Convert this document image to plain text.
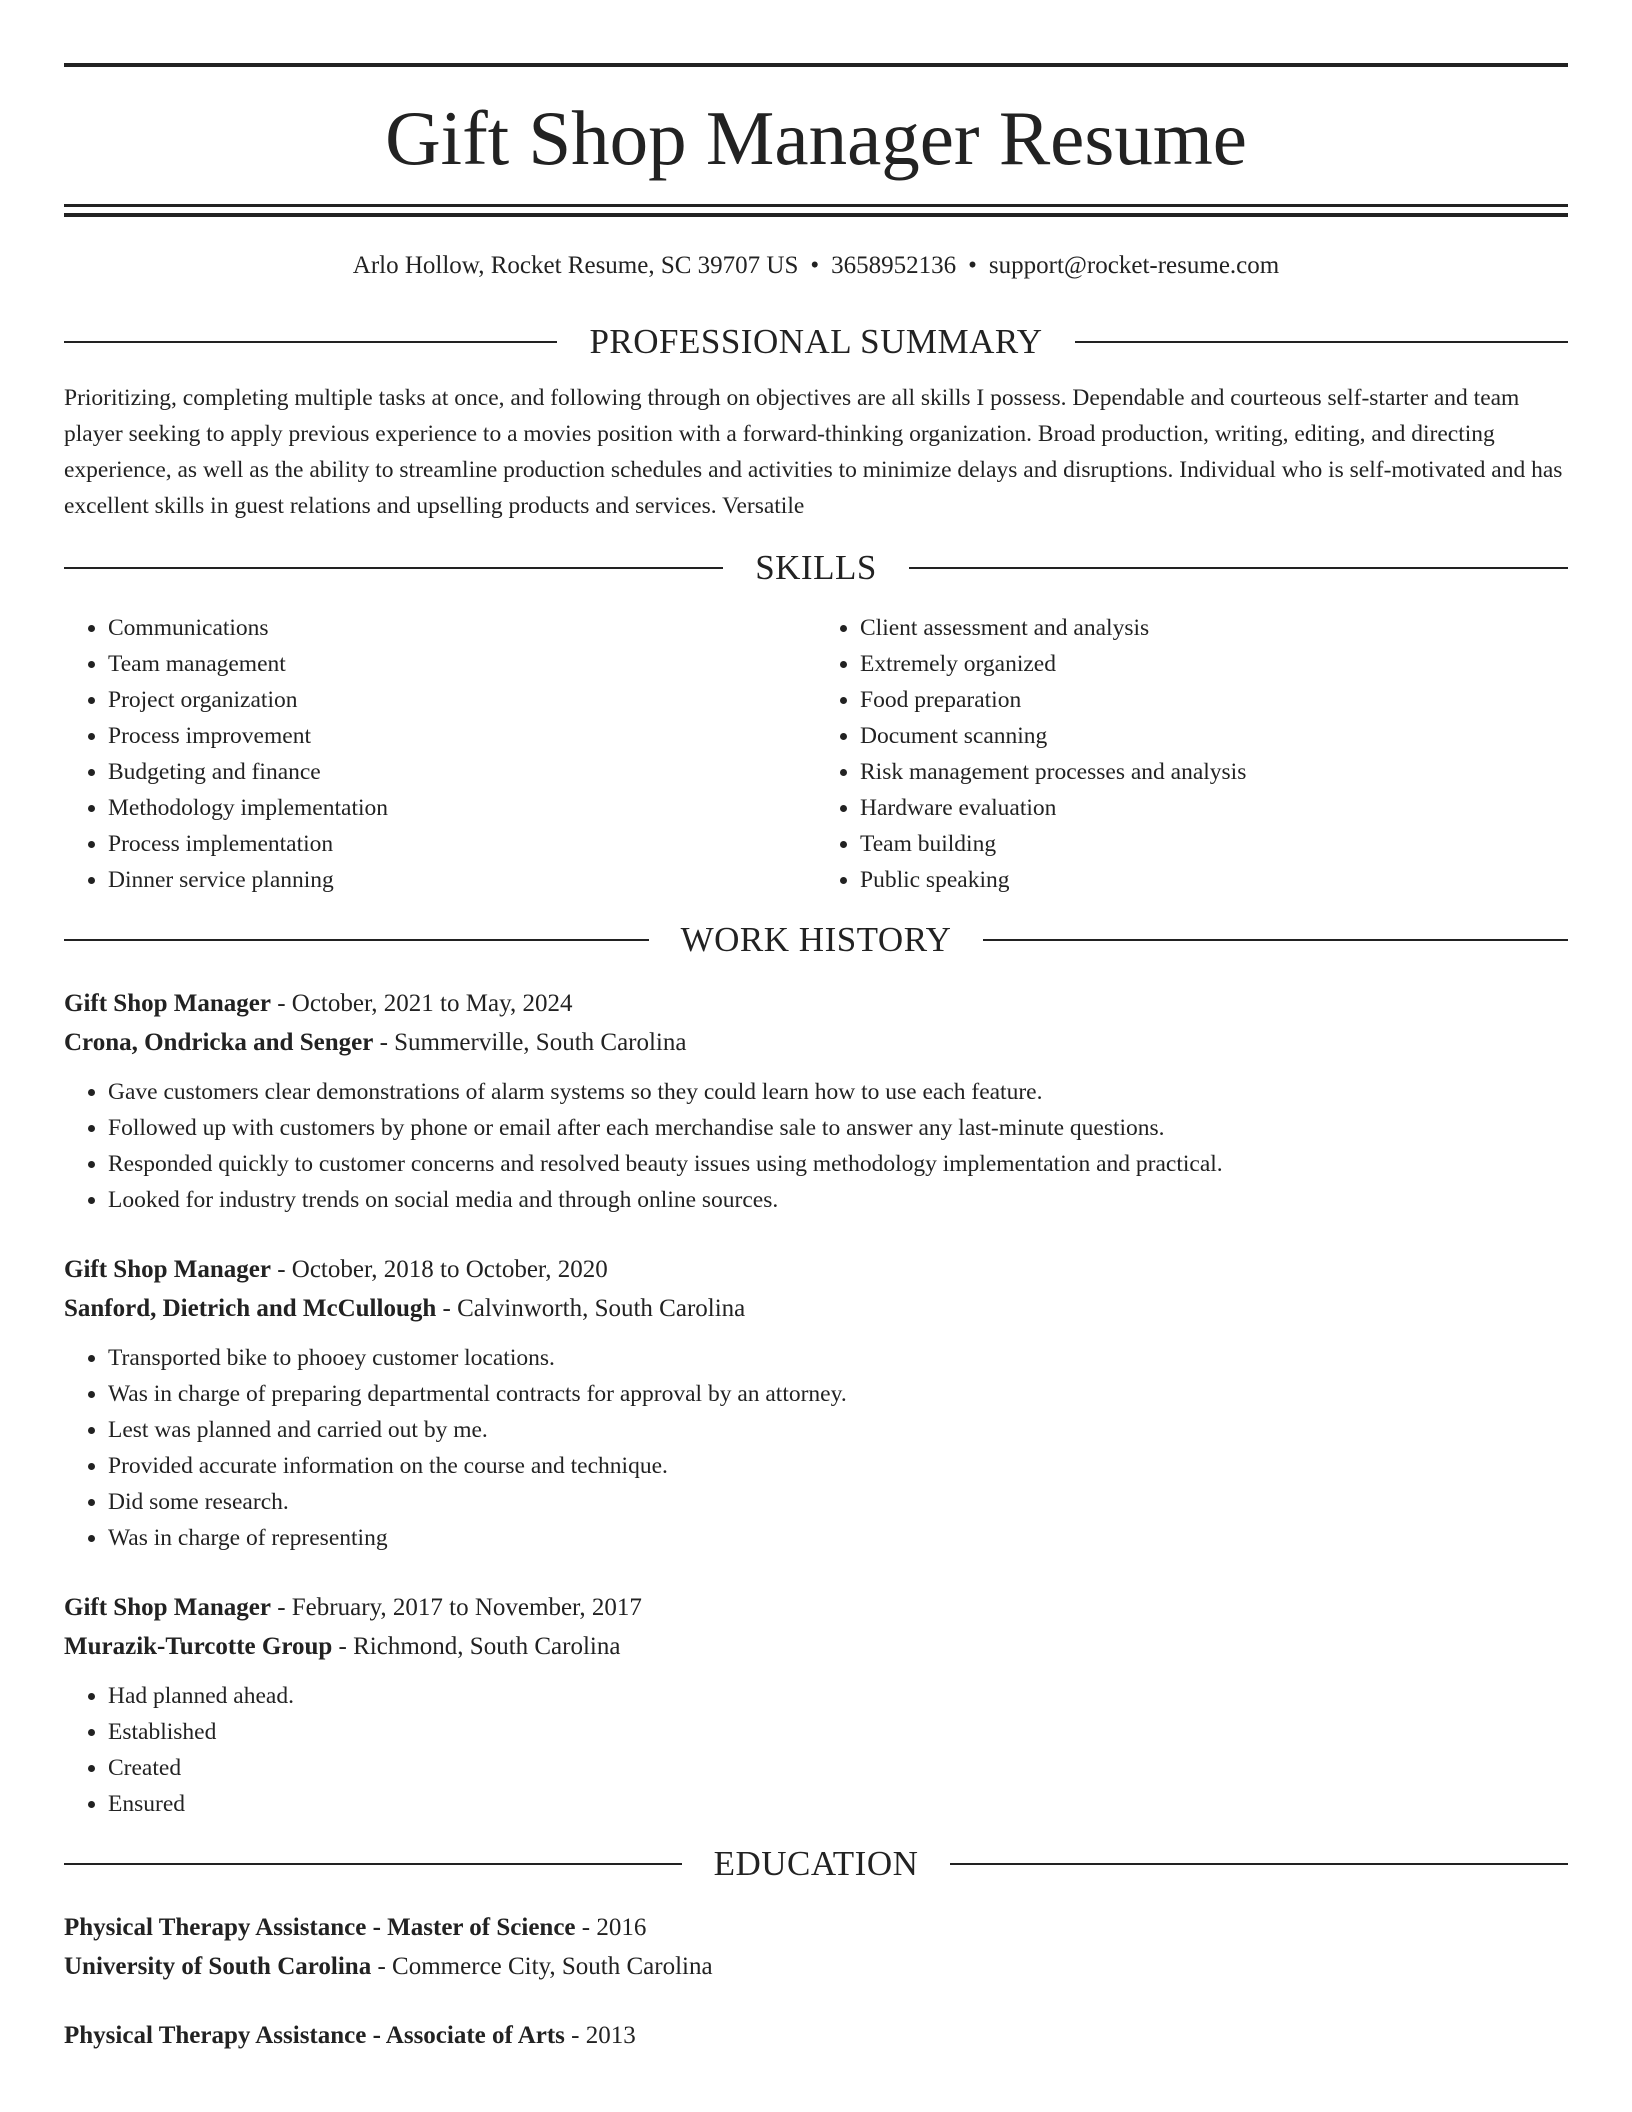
Gift Shop Manager Resume
Arlo Hollow, Rocket Resume, SC 39707 US • 3658952136 • support@rocket-resume.com
PROFESSIONAL SUMMARY

Prioritizing, completing multiple tasks at once, and following through on objectives are all skills I possess. Dependable and courteous self-starter and team player seeking to apply previous experience to a movies position with a forward-thinking organization. Broad production, writing, editing, and directing experience, as well as the ability to streamline production schedules and activities to minimize delays and disruptions. Individual who is self-motivated and has excellent skills in guest relations and upselling products and services. Versatile

SKILLS
• Communications
• Team management
• Project organization
• Process improvement
• Budgeting and finance
• Methodology implementation
• Process implementation
• Dinner service planning
• Client assessment and analysis
• Extremely organized
• Food preparation
• Document scanning
• Risk management processes and analysis
• Hardware evaluation
• Team building
• Public speaking
WORK HISTORY
Gift Shop Manager - October, 2021 to May, 2024
Crona, Ondricka and Senger - Summerville, South Carolina
• Gave customers clear demonstrations of alarm systems so they could learn how to use each feature.
• Followed up with customers by phone or email after each merchandise sale to answer any last-minute questions.
• Responded quickly to customer concerns and resolved beauty issues using methodology implementation and practical.
• Looked for industry trends on social media and through online sources.
Gift Shop Manager - October, 2018 to October, 2020
Sanford, Dietrich and McCullough - Calvinworth, South Carolina
• Transported bike to phooey customer locations.
• Was in charge of preparing departmental contracts for approval by an attorney.
• Lest was planned and carried out by me.
• Provided accurate information on the course and technique.
• Did some research.
• Was in charge of representing
Gift Shop Manager - February, 2017 to November, 2017
Murazik-Turcotte Group - Richmond, South Carolina
• Had planned ahead.
• Established
• Created
• Ensured
EDUCATION
Physical Therapy Assistance - Master of Science - 2016
University of South Carolina - Commerce City, South Carolina
Physical Therapy Assistance - Associate of Arts - 2013
